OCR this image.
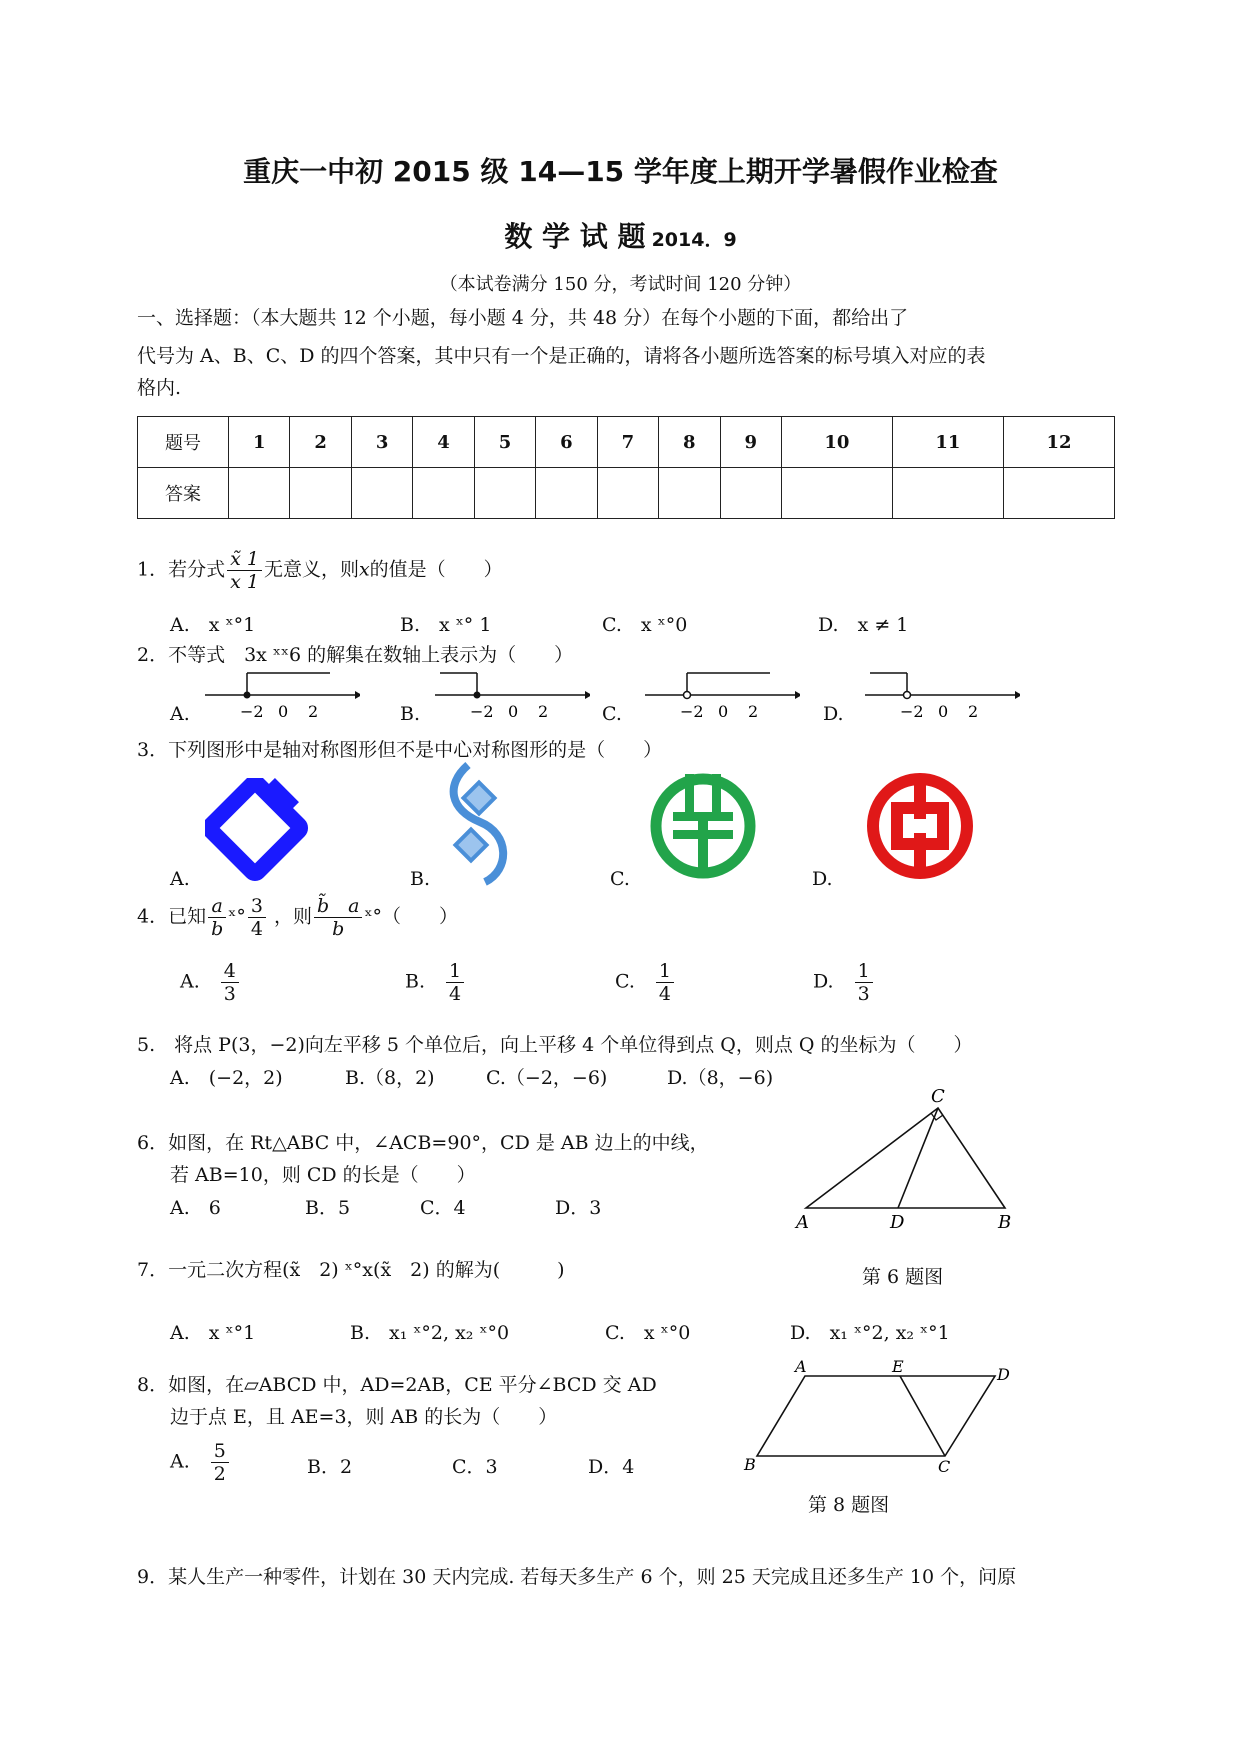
重庆一中初 2015 级 14—15 学年度上期开学暑假作业检查
数 学 试 题 2014．9
（本试卷满分 150 分，考试时间 120 分钟）
一、选择题：（本大题共 12 个小题，每小题 4 分，共 48 分）在每个小题的下面，都给出了
代号为 A、B、C、D 的四个答案，其中只有一个是正确的，请将各小题所选答案的标号填入对应的表
格内.
题号	1	2	3	4	5	6	7	8	9	10	11	12
答案												
1．若分式 $\frac{x̃ 1}{x 1}$ 无意义，则x的值是（　　）
A.　x ˣ°1	B.　x ˣ° 1	C.　x ˣ°0	D.　x ≠ 1
2．不等式　3x ˣˣ6 的解集在数轴上表示为（　　）
A.	B.	C.	D.
−2 0 2	−2 0 2	−2 0 2	−2 0 2
3．下列图形中是轴对称图形但不是中心对称图形的是（　　）
A.	B.	C.	D.
4．已知 $\frac{a}{b}$ ˣ° $\frac{3}{4}$ ，则 $\frac{b̃ a}{b}$ ˣ°（　　）
A.　 $\frac{4}{3}$	B.　 $\frac{1}{4}$	C.　 $\frac{1}{4}$	D.　 $\frac{1}{3}$
5.　将点 P(3，−2)向左平移 5 个单位后，向上平移 4 个单位得到点 Q，则点 Q 的坐标为（　　）
A.　(−2，2)	B.（8，2)	C.（−2，−6)	D.（8，−6)
6．如图，在 Rt△ABC 中，∠ACB=90°，CD 是 AB 边上的中线，
若 AB=10，则 CD 的长是（　　）
A.　6	B．5	C．4	D．3
A	D	B
C
第 6 题图
7．一元二次方程(x̃　2) ˣ°x(x̃　2) 的解为(　　　)
A.　x ˣ°1	B.　x₁ ˣ°2, x₂ ˣ°0	C.　x ˣ°0	D.　x₁ ˣ°2, x₂ ˣ°1
8．如图，在▱ABCD 中，AD=2AB，CE 平分∠BCD 交 AD
边于点 E，且 AE=3，则 AB 的长为（　　）
A.　 $\frac{5}{2}$	B．2	C．3	D．4
A	E	D
B	C
第 8 题图
9．某人生产一种零件，计划在 30 天内完成. 若每天多生产 6 个，则 25 天完成且还多生产 10 个，问原
